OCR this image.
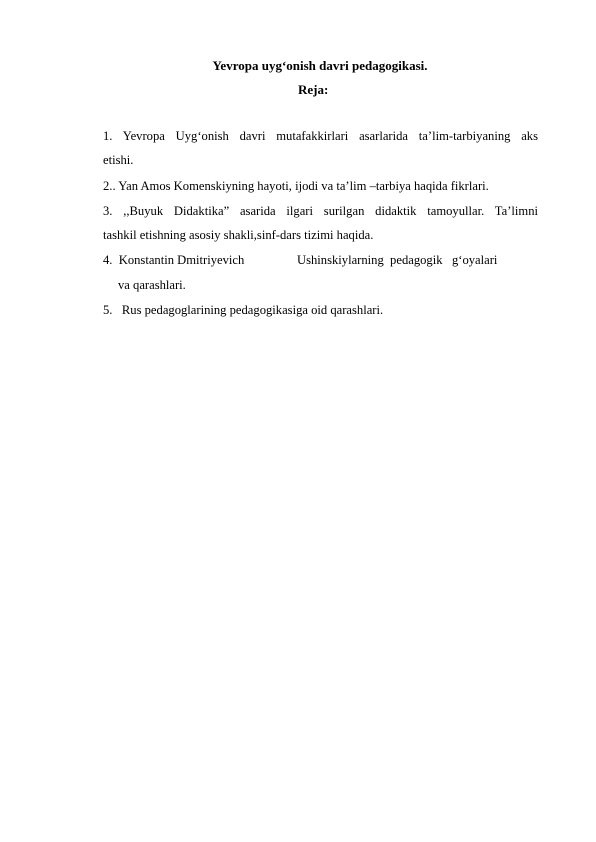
Yevropa uyg‘onish davri pedagogikasi.
Reja:
1. Yevropa Uyg‘onish davri mutafakkirlari asarlarida ta’lim-tarbiyaning aks
etishi.
2.. Yan Amos Komenskiyning hayoti, ijodi va ta’lim –tarbiya haqida fikrlari.
3. ,,Buyuk Didaktika” asarida ilgari surilgan didaktik tamoyullar. Ta’limni
tashkil etishning asosiy shakli,sinf-dars tizimi haqida.
4.  Konstantin Dmitriyevich	Ushinskiylarning  pedagogik   g‘oyalari
va qarashlari.
5.   Rus pedagoglarining pedagogikasiga oid qarashlari.
